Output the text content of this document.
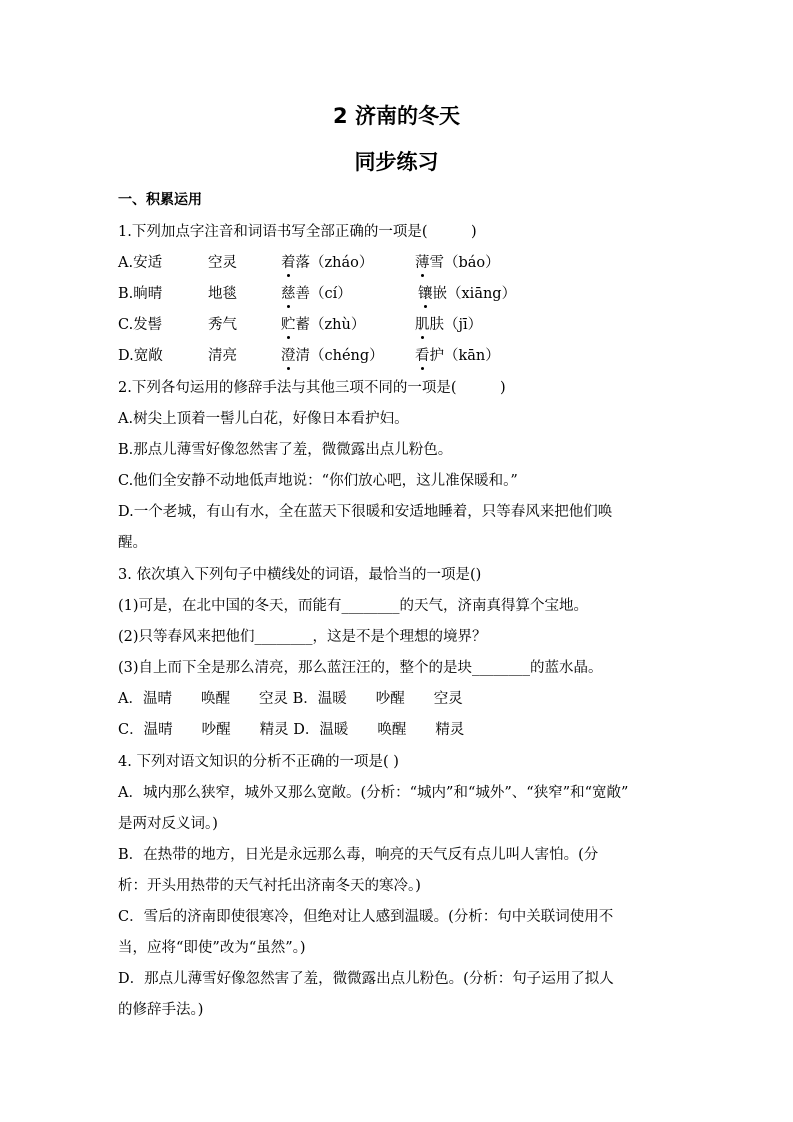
2 济南的冬天
同步练习
一、积累运用
1.下列加点字注音和词语书写全部正确的一项是(　　　)
A.安适	空灵	着落（zháo）	薄雪（báo）
B.晌晴	地毯	慈善（cí）	镶嵌（xiāng）
C.发髻	秀气	贮蓄（zhù）	肌肤（jī）
D.宽敞	清亮	澄清（chéng） 看护（kān）
2.下列各句运用的修辞手法与其他三项不同的一项是(　　　)
A.树尖上顶着一髻儿白花，好像日本看护妇。
B.那点儿薄雪好像忽然害了羞，微微露出点儿粉色。
C.他们全安静不动地低声地说：“你们放心吧，这儿准保暖和。”
D.一个老城，有山有水，全在蓝天下很暖和安适地睡着，只等春风来把他们唤
醒。
3. 依次填入下列句子中横线处的词语，最恰当的一项是()
(1)可是，在北中国的冬天，而能有________的天气，济南真得算个宝地。
(2)只等春风来把他们________，这是不是个理想的境界？
(3)自上而下全是那么清亮，那么蓝汪汪的，整个的是块________的蓝水晶。
A．温晴　　唤醒　　空灵 B．温暖　　吵醒　　空灵
C．温晴　　吵醒　　精灵 D．温暖　　唤醒　　精灵
4. 下列对语文知识的分析不正确的一项是( )
A．城内那么狭窄，城外又那么宽敞。(分析：“城内”和“城外”、“狭窄”和“宽敞”
是两对反义词。)
B．在热带的地方，日光是永远那么毒，响亮的天气反有点儿叫人害怕。(分
析：开头用热带的天气衬托出济南冬天的寒冷。)
C．雪后的济南即使很寒冷，但绝对让人感到温暖。(分析：句中关联词使用不
当，应将“即使”改为“虽然”。)
D．那点儿薄雪好像忽然害了羞，微微露出点儿粉色。(分析：句子运用了拟人
的修辞手法。)
